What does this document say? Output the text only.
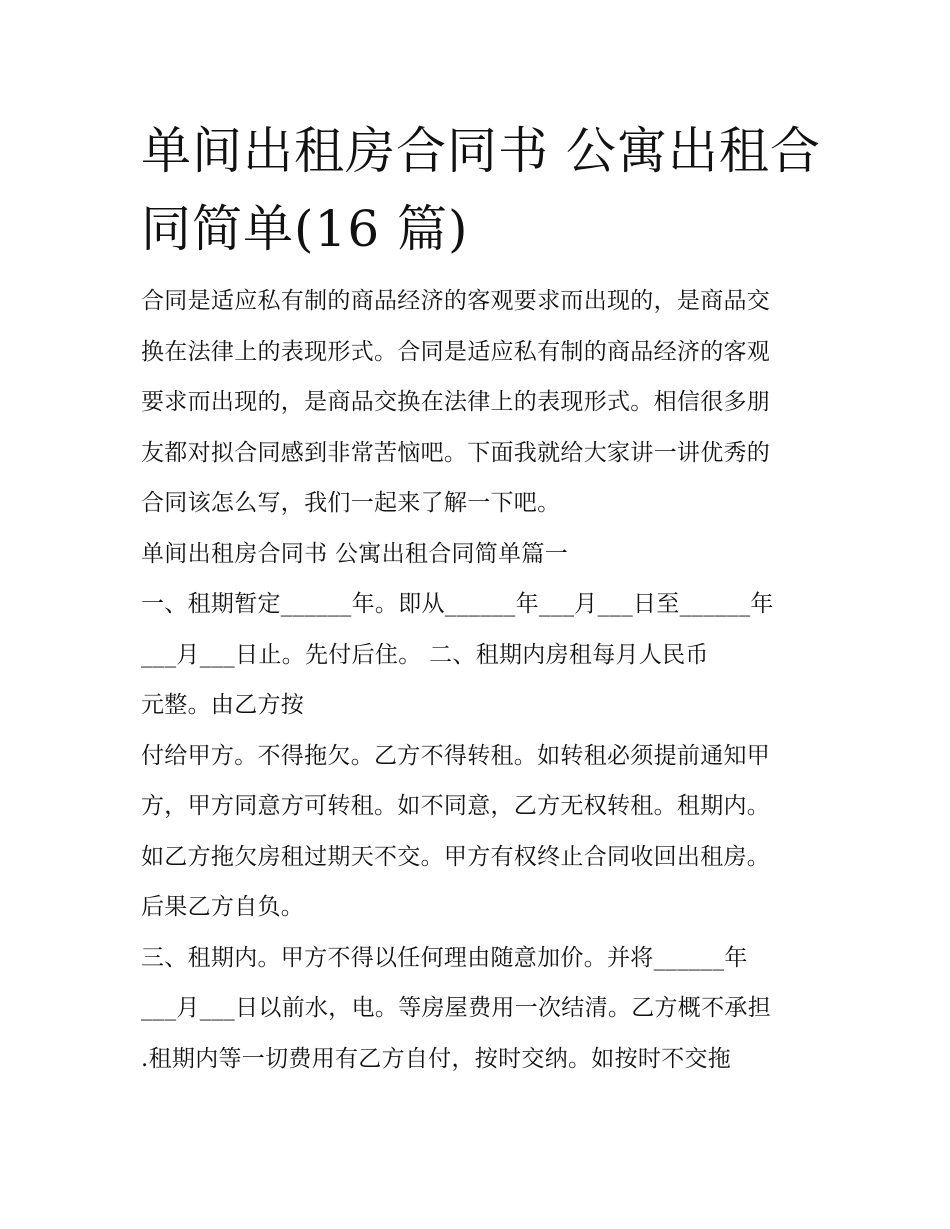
单间出租房合同书 公寓出租合
同简单(16 篇)
合同是适应私有制的商品经济的客观要求而出现的，是商品交
换在法律上的表现形式。合同是适应私有制的商品经济的客观
要求而出现的，是商品交换在法律上的表现形式。相信很多朋
友都对拟合同感到非常苦恼吧。下面我就给大家讲一讲优秀的
合同该怎么写，我们一起来了解一下吧。
单间出租房合同书 公寓出租合同简单篇一
一、租期暂定______年。即从______年___月___日至______年
___月___日止。先付后住。 二、租期内房租每月人民币
元整。由乙方按
付给甲方。不得拖欠。乙方不得转租。如转租必须提前通知甲
方，甲方同意方可转租。如不同意，乙方无权转租。租期内。
如乙方拖欠房租过期天不交。甲方有权终止合同收回出租房。
后果乙方自负。
三、租期内。甲方不得以任何理由随意加价。并将______年
___月___日以前水，电。等房屋费用一次结清。乙方概不承担
.租期内等一切费用有乙方自付，按时交纳。如按时不交拖
